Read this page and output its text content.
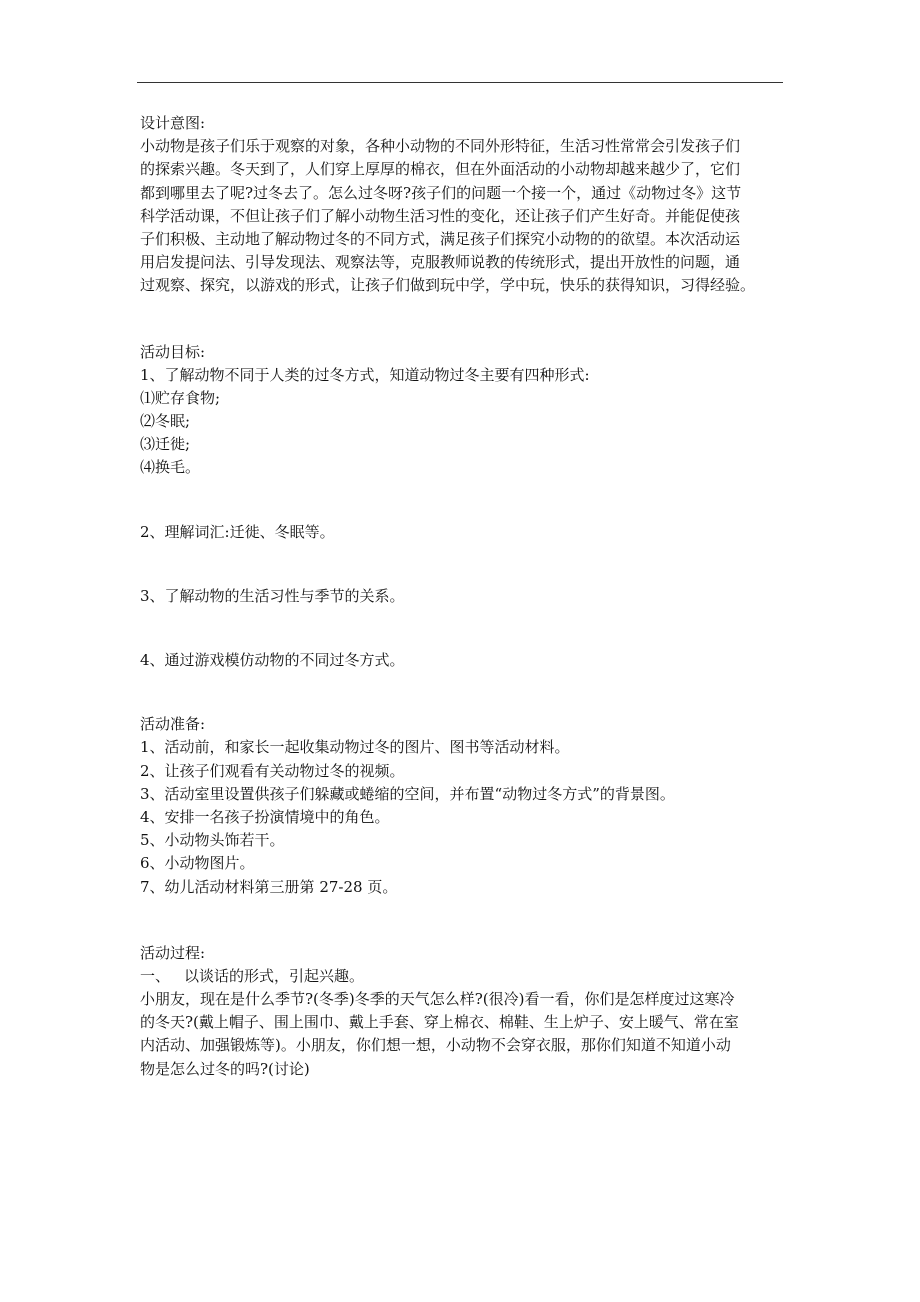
设计意图:
小动物是孩子们乐于观察的对象，各种小动物的不同外形特征，生活习性常常会引发孩子们
的探索兴趣。冬天到了，人们穿上厚厚的棉衣，但在外面活动的小动物却越来越少了，它们
都到哪里去了呢?过冬去了。怎么过冬呀?孩子们的问题一个接一个，通过《动物过冬》这节
科学活动课，不但让孩子们了解小动物生活习性的变化，还让孩子们产生好奇。并能促使孩
子们积极、主动地了解动物过冬的不同方式，满足孩子们探究小动物的的欲望。本次活动运
用启发提问法、引导发现法、观察法等，克服教师说教的传统形式，提出开放性的问题，通
过观察、探究，以游戏的形式，让孩子们做到玩中学，学中玩，快乐的获得知识，习得经验。
活动目标:
1、了解动物不同于人类的过冬方式，知道动物过冬主要有四种形式:
⑴贮存食物;
⑵冬眠;
⑶迁徙;
⑷换毛。
2、理解词汇:迁徙、冬眠等。
3、了解动物的生活习性与季节的关系。
4、通过游戏模仿动物的不同过冬方式。
活动准备:
1、活动前，和家长一起收集动物过冬的图片、图书等活动材料。
2、让孩子们观看有关动物过冬的视频。
3、活动室里设置供孩子们躲藏或蜷缩的空间，并布置“动物过冬方式”的背景图。
4、安排一名孩子扮演情境中的角色。
5、小动物头饰若干。
6、小动物图片。
7、幼儿活动材料第三册第 27-28 页。
活动过程:
一、 以谈话的形式，引起兴趣。
小朋友，现在是什么季节?(冬季)冬季的天气怎么样?(很冷)看一看，你们是怎样度过这寒冷
的冬天?(戴上帽子、围上围巾、戴上手套、穿上棉衣、棉鞋、生上炉子、安上暖气、常在室
内活动、加强锻炼等)。小朋友，你们想一想，小动物不会穿衣服，那你们知道不知道小动
物是怎么过冬的吗?(讨论)
